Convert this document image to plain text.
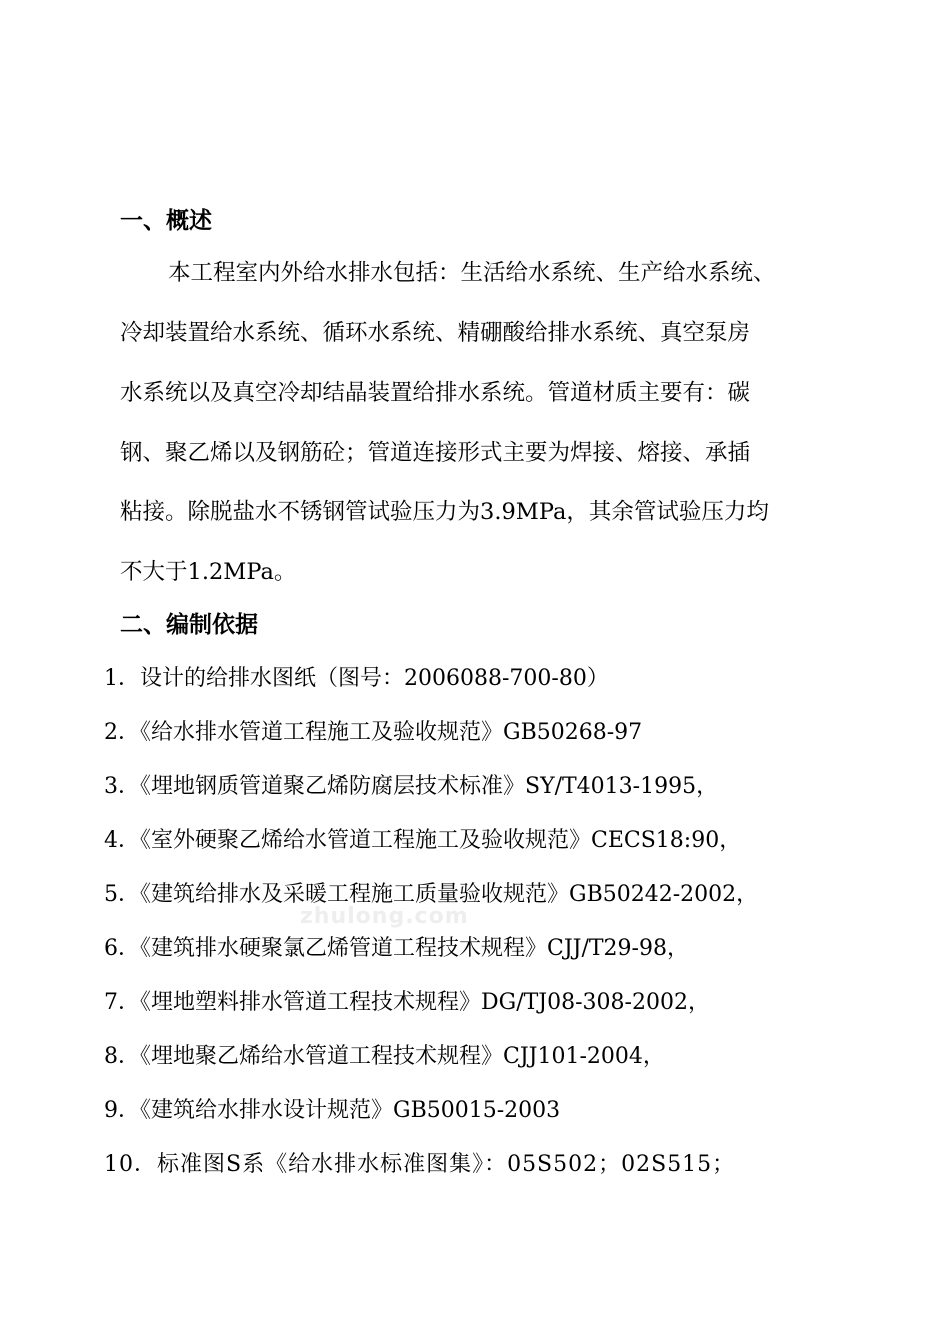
一、概述
本工程室内外给水排水包括：生活给水系统、生产给水系统、
冷却装置给水系统、循环水系统、精硼酸给排水系统、真空泵房
水系统以及真空冷却结晶装置给排水系统。管道材质主要有：碳
钢、聚乙烯以及钢筋砼；管道连接形式主要为焊接、熔接、承插
粘接。除脱盐水不锈钢管试验压力为3.9MPa，其余管试验压力均
不大于1.2MPa。
二、编制依据
1．设计的给排水图纸（图号：2006088-700-80）
2．《给水排水管道工程施工及验收规范》GB50268-97
3．《埋地钢质管道聚乙烯防腐层技术标准》SY/T4013-1995，
4．《室外硬聚乙烯给水管道工程施工及验收规范》CECS18:90，
5．《建筑给排水及采暖工程施工质量验收规范》GB50242-2002，
6．《建筑排水硬聚氯乙烯管道工程技术规程》CJJ/T29-98，
7．《埋地塑料排水管道工程技术规程》DG/TJ08-308-2002，
8．《埋地聚乙烯给水管道工程技术规程》CJJ101-2004，
9．《建筑给水排水设计规范》GB50015-2003
10．标准图S系《给水排水标准图集》：05S502；02S515；
zhulong.com
